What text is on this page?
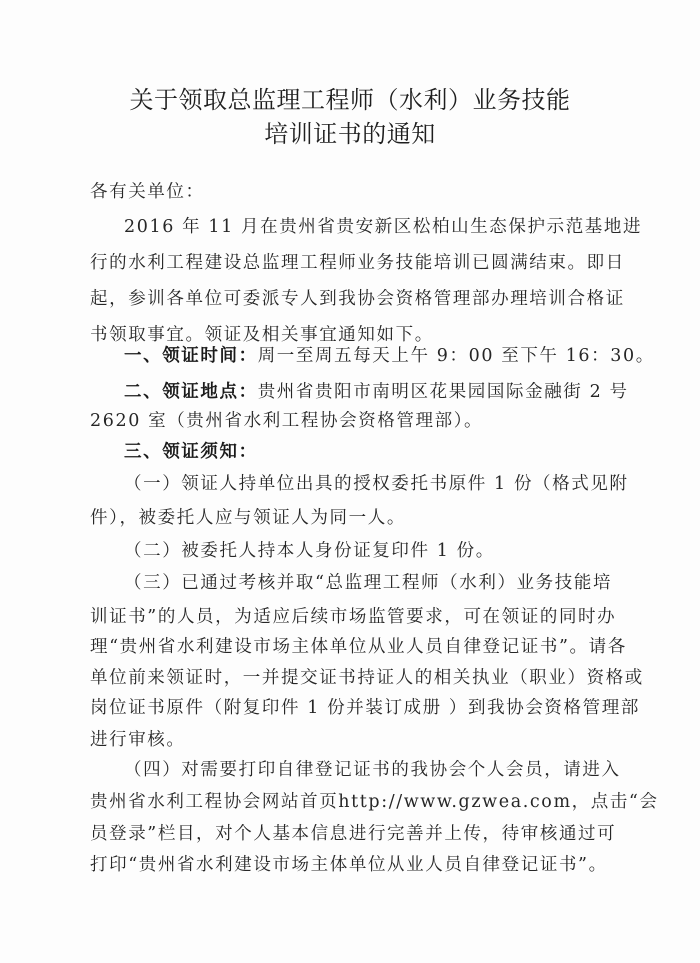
关于领取总监理工程师（水利）业务技能
培训证书的通知
各有关单位：
2016 年 11 月在贵州省贵安新区松柏山生态保护示范基地进
行的水利工程建设总监理工程师业务技能培训已圆满结束。即日
起，参训各单位可委派专人到我协会资格管理部办理培训合格证
书领取事宜。领证及相关事宜通知如下。
一、领证时间：周一至周五每天上午 9：00 至下午 16：30。
二、领证地点：贵州省贵阳市南明区花果园国际金融街 2 号
2620 室（贵州省水利工程协会资格管理部）。
三、领证须知：
（一）领证人持单位出具的授权委托书原件 1 份（格式见附
件），被委托人应与领证人为同一人。
（二）被委托人持本人身份证复印件 1 份。
（三）已通过考核并取“总监理工程师（水利）业务技能培
训证书”的人员，为适应后续市场监管要求，可在领证的同时办
理“贵州省水利建设市场主体单位从业人员自律登记证书”。请各
单位前来领证时，一并提交证书持证人的相关执业（职业）资格或
岗位证书原件（附复印件 1 份并装订成册 ）到我协会资格管理部
进行审核。
（四）对需要打印自律登记证书的我协会个人会员，请进入
贵州省水利工程协会网站首页http://www.gzwea.com，点击“会
员登录”栏目，对个人基本信息进行完善并上传，待审核通过可
打印“贵州省水利建设市场主体单位从业人员自律登记证书”。
